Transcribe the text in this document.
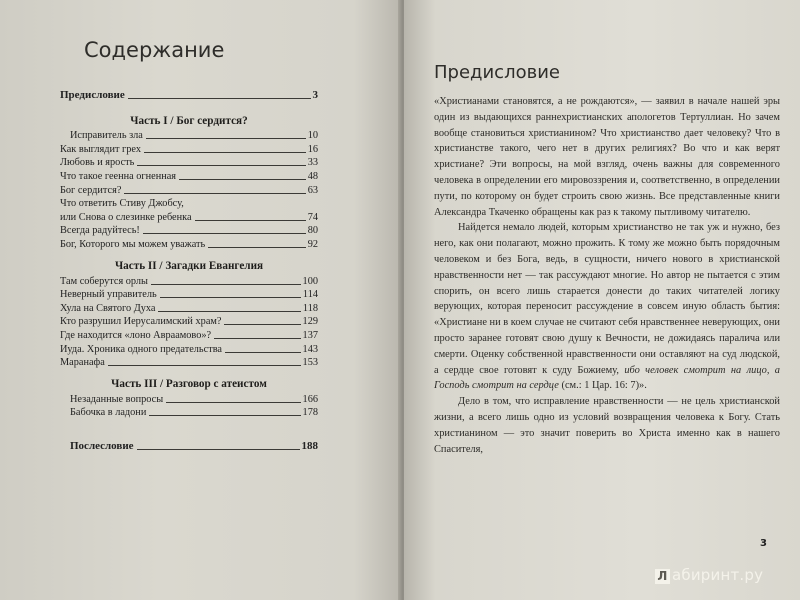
Содержание
Предисловие	3
Часть I / Бог сердится?
Исправитель зла	10
Как выглядит грех	16
Любовь и ярость	33
Что такое геенна огненная	48
Бог сердится?	63
Что ответить Стиву Джобсу,
или Снова о слезинке ребенка	74
Всегда радуйтесь!	80
Бог, Которого мы можем уважать	92
Часть II / Загадки Евангелия
Там соберутся орлы	100
Неверный управитель	114
Хула на Святого Духа	118
Кто разрушил Иерусалимский храм?	129
Где находится «лоно Авраамово»?	137
Иуда. Хроника одного предательства	143
Маранафа	153
Часть III / Разговор с атеистом
Незаданные вопросы	166
Бабочка в ладони	178
Послесловие	188
Предисловие

«Христианами становятся, а не рождаются», — заявил в начале нашей эры один из выдающихся раннехристианских апологетов Тертуллиан. Но зачем вообще становиться христианином? Что христианство дает человеку? Что в христианстве такого, чего нет в других религиях? Во что и как верят христиане? Эти вопросы, на мой взгляд, очень важны для современного человека в определении его мировоззрения и, соответственно, в определении пути, по которому он будет строить свою жизнь. Все представленные книги Александра Ткаченко обращены как раз к такому пытливому читателю.

Найдется немало людей, которым христианство не так уж и нужно, без него, как они полагают, можно прожить. К тому же можно быть порядочным человеком и без Бога, ведь, в сущности, ничего нового в христианской нравственности нет — так рассуждают многие. Но автор не пытается с этим спорить, он всего лишь старается донести до таких читателей логику верующих, которая переносит рассуждение в совсем иную область бытия: «Христиане ни в коем случае не считают себя нравственнее неверующих, они просто заранее готовят свою душу к Вечности, не дожидаясь паралича или смерти. Оценку собственной нравственности они оставляют на суд людской, а сердце свое готовят к суду Божиему, ибо человек смотрит на лицо, а Господь смотрит на сердце (см.: 1 Цар. 16: 7)».

Дело в том, что исправление нравственности — не цель христианской жизни, а всего лишь одно из условий возвращения человека к Богу. Стать христианином — это значит поверить во Христа именно как в нашего Спасителя,

3
Л абиринт.ру
